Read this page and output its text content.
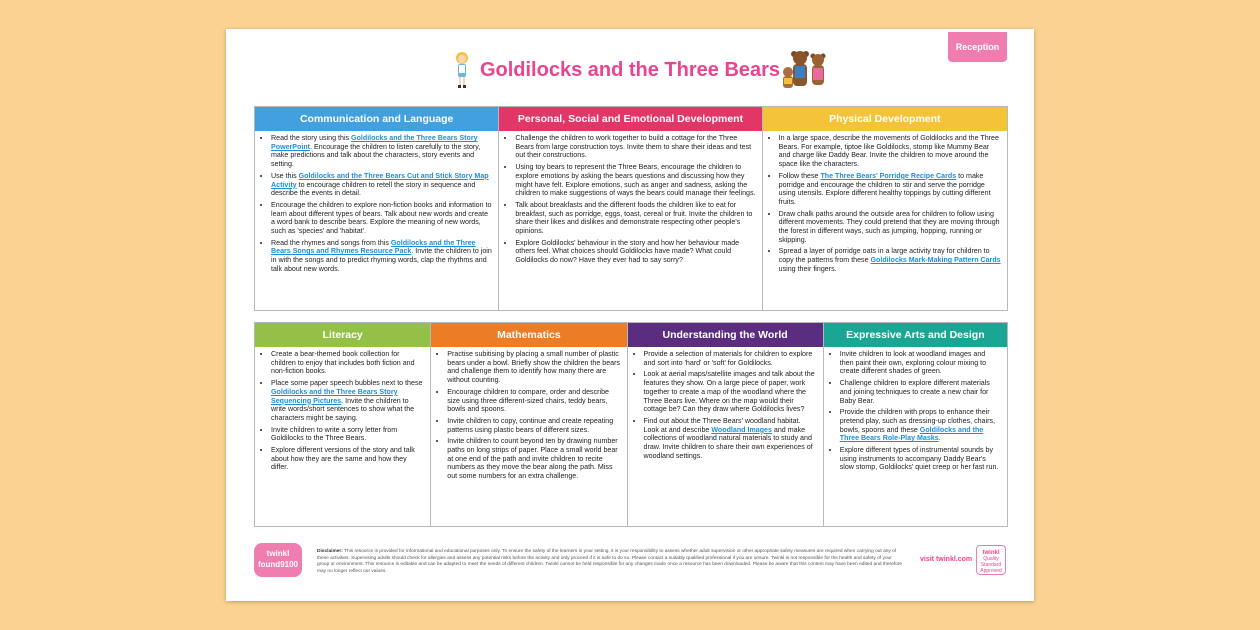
Reception
Goldilocks and the Three Bears
Communication and Language
• Read the story using this Goldilocks and the Three Bears Story PowerPoint. Encourage the children to listen carefully to the story, make predictions and talk about the characters, story events and setting.
• Use this Goldilocks and the Three Bears Cut and Stick Story Map Activity to encourage children to retell the story in sequence and describe the events in detail.
• Encourage the children to explore non-fiction books and information to learn about different types of bears. Talk about new words and create a word bank to describe bears. Explore the meaning of new words, such as 'species' and 'habitat'.
• Read the rhymes and songs from this Goldilocks and the Three Bears Songs and Rhymes Resource Pack. Invite the children to join in with the songs and to predict rhyming words, clap the rhythms and talk about new words.
Personal, Social and Emotional Development
• Challenge the children to work together to build a cottage for the Three Bears from large construction toys. Invite them to share their ideas and test out their constructions.
• Using toy bears to represent the Three Bears, encourage the children to explore emotions by asking the bears questions and discussing how they might have felt. Explore emotions, such as anger and sadness, asking the children to make suggestions of ways the bears could manage their feelings.
• Talk about breakfasts and the different foods the children like to eat for breakfast, such as porridge, eggs, toast, cereal or fruit. Invite the children to share their likes and dislikes and demonstrate respecting other people's opinions.
• Explore Goldilocks' behaviour in the story and how her behaviour made others feel. What choices should Goldilocks have made? What could Goldilocks do now? Have they ever had to say sorry?
Physical Development
• In a large space, describe the movements of Goldilocks and the Three Bears. For example, tiptoe like Goldilocks, stomp like Mummy Bear and charge like Daddy Bear. Invite the children to move around the space like the characters.
• Follow these The Three Bears' Porridge Recipe Cards to make porridge and encourage the children to stir and serve the porridge using utensils. Explore different healthy toppings by cutting different fruits.
• Draw chalk paths around the outside area for children to follow using different movements. They could pretend that they are moving through the forest in different ways, such as jumping, hopping, running or skipping.
• Spread a layer of porridge oats in a large activity tray for children to copy the patterns from these Goldilocks Mark-Making Pattern Cards using their fingers.
Literacy
• Create a bear-themed book collection for children to enjoy that includes both fiction and non-fiction books.
• Place some paper speech bubbles next to these Goldilocks and the Three Bears Story Sequencing Pictures. Invite the children to write words/short sentences to show what the characters might be saying.
• Invite children to write a sorry letter from Goldilocks to the Three Bears.
• Explore different versions of the story and talk about how they are the same and how they differ.
Mathematics
• Practise subitising by placing a small number of plastic bears under a bowl. Briefly show the children the bears and challenge them to identify how many there are without counting.
• Encourage children to compare, order and describe size using three different-sized chairs, teddy bears, bowls and spoons.
• Invite children to copy, continue and create repeating patterns using plastic bears of different sizes.
• Invite children to count beyond ten by drawing number paths on long strips of paper. Place a small world bear at one end of the path and invite children to recite numbers as they move the bear along the path. Miss out some numbers for an extra challenge.
Understanding the World
• Provide a selection of materials for children to explore and sort into 'hard' or 'soft' for Goldilocks.
• Look at aerial maps/satellite images and talk about the features they show. On a large piece of paper, work together to create a map of the woodland where the Three Bears live. Where on the map would their cottage be? Can they draw where Goldilocks lives?
• Find out about the Three Bears' woodland habitat. Look at and describe Woodland Images and make collections of woodland natural materials to study and draw. Invite children to share their own experiences of woodland settings.
Expressive Arts and Design
• Invite children to look at woodland images and then paint their own, exploring colour mixing to create different shades of green.
• Challenge children to explore different materials and joining techniques to create a new chair for Baby Bear.
• Provide the children with props to enhance their pretend play, such as dressing-up clothes, chairs, bowls, spoons and these Goldilocks and the Three Bears Role-Play Masks.
• Explore different types of instrumental sounds by using instruments to accompany Daddy Bear's slow stomp, Goldilocks' quiet creep or her fast run.
twinkl
found9100
Disclaimer: This resource is provided for informational and educational purposes only. To ensure the safety of the learners in your setting, it is your responsibility to assess whether adult supervision or other appropriate safety measures are required when carrying out any of these activities. Supervising adults should check for allergies and assess any potential risks before the activity and only proceed if it is safe to do so. Please contact a suitably qualified professional if you are unsure. Twinkl is not responsible for the health and safety of your group or environment. This resource is editable and can be adapted to meet the needs of different children. Twinkl cannot be held responsible for any changes made once a resource has been downloaded. Please be aware that this content may have been edited and therefore may no longer reflect our values.
visit twinkl.com
twinkl
Quality Standard Approved
